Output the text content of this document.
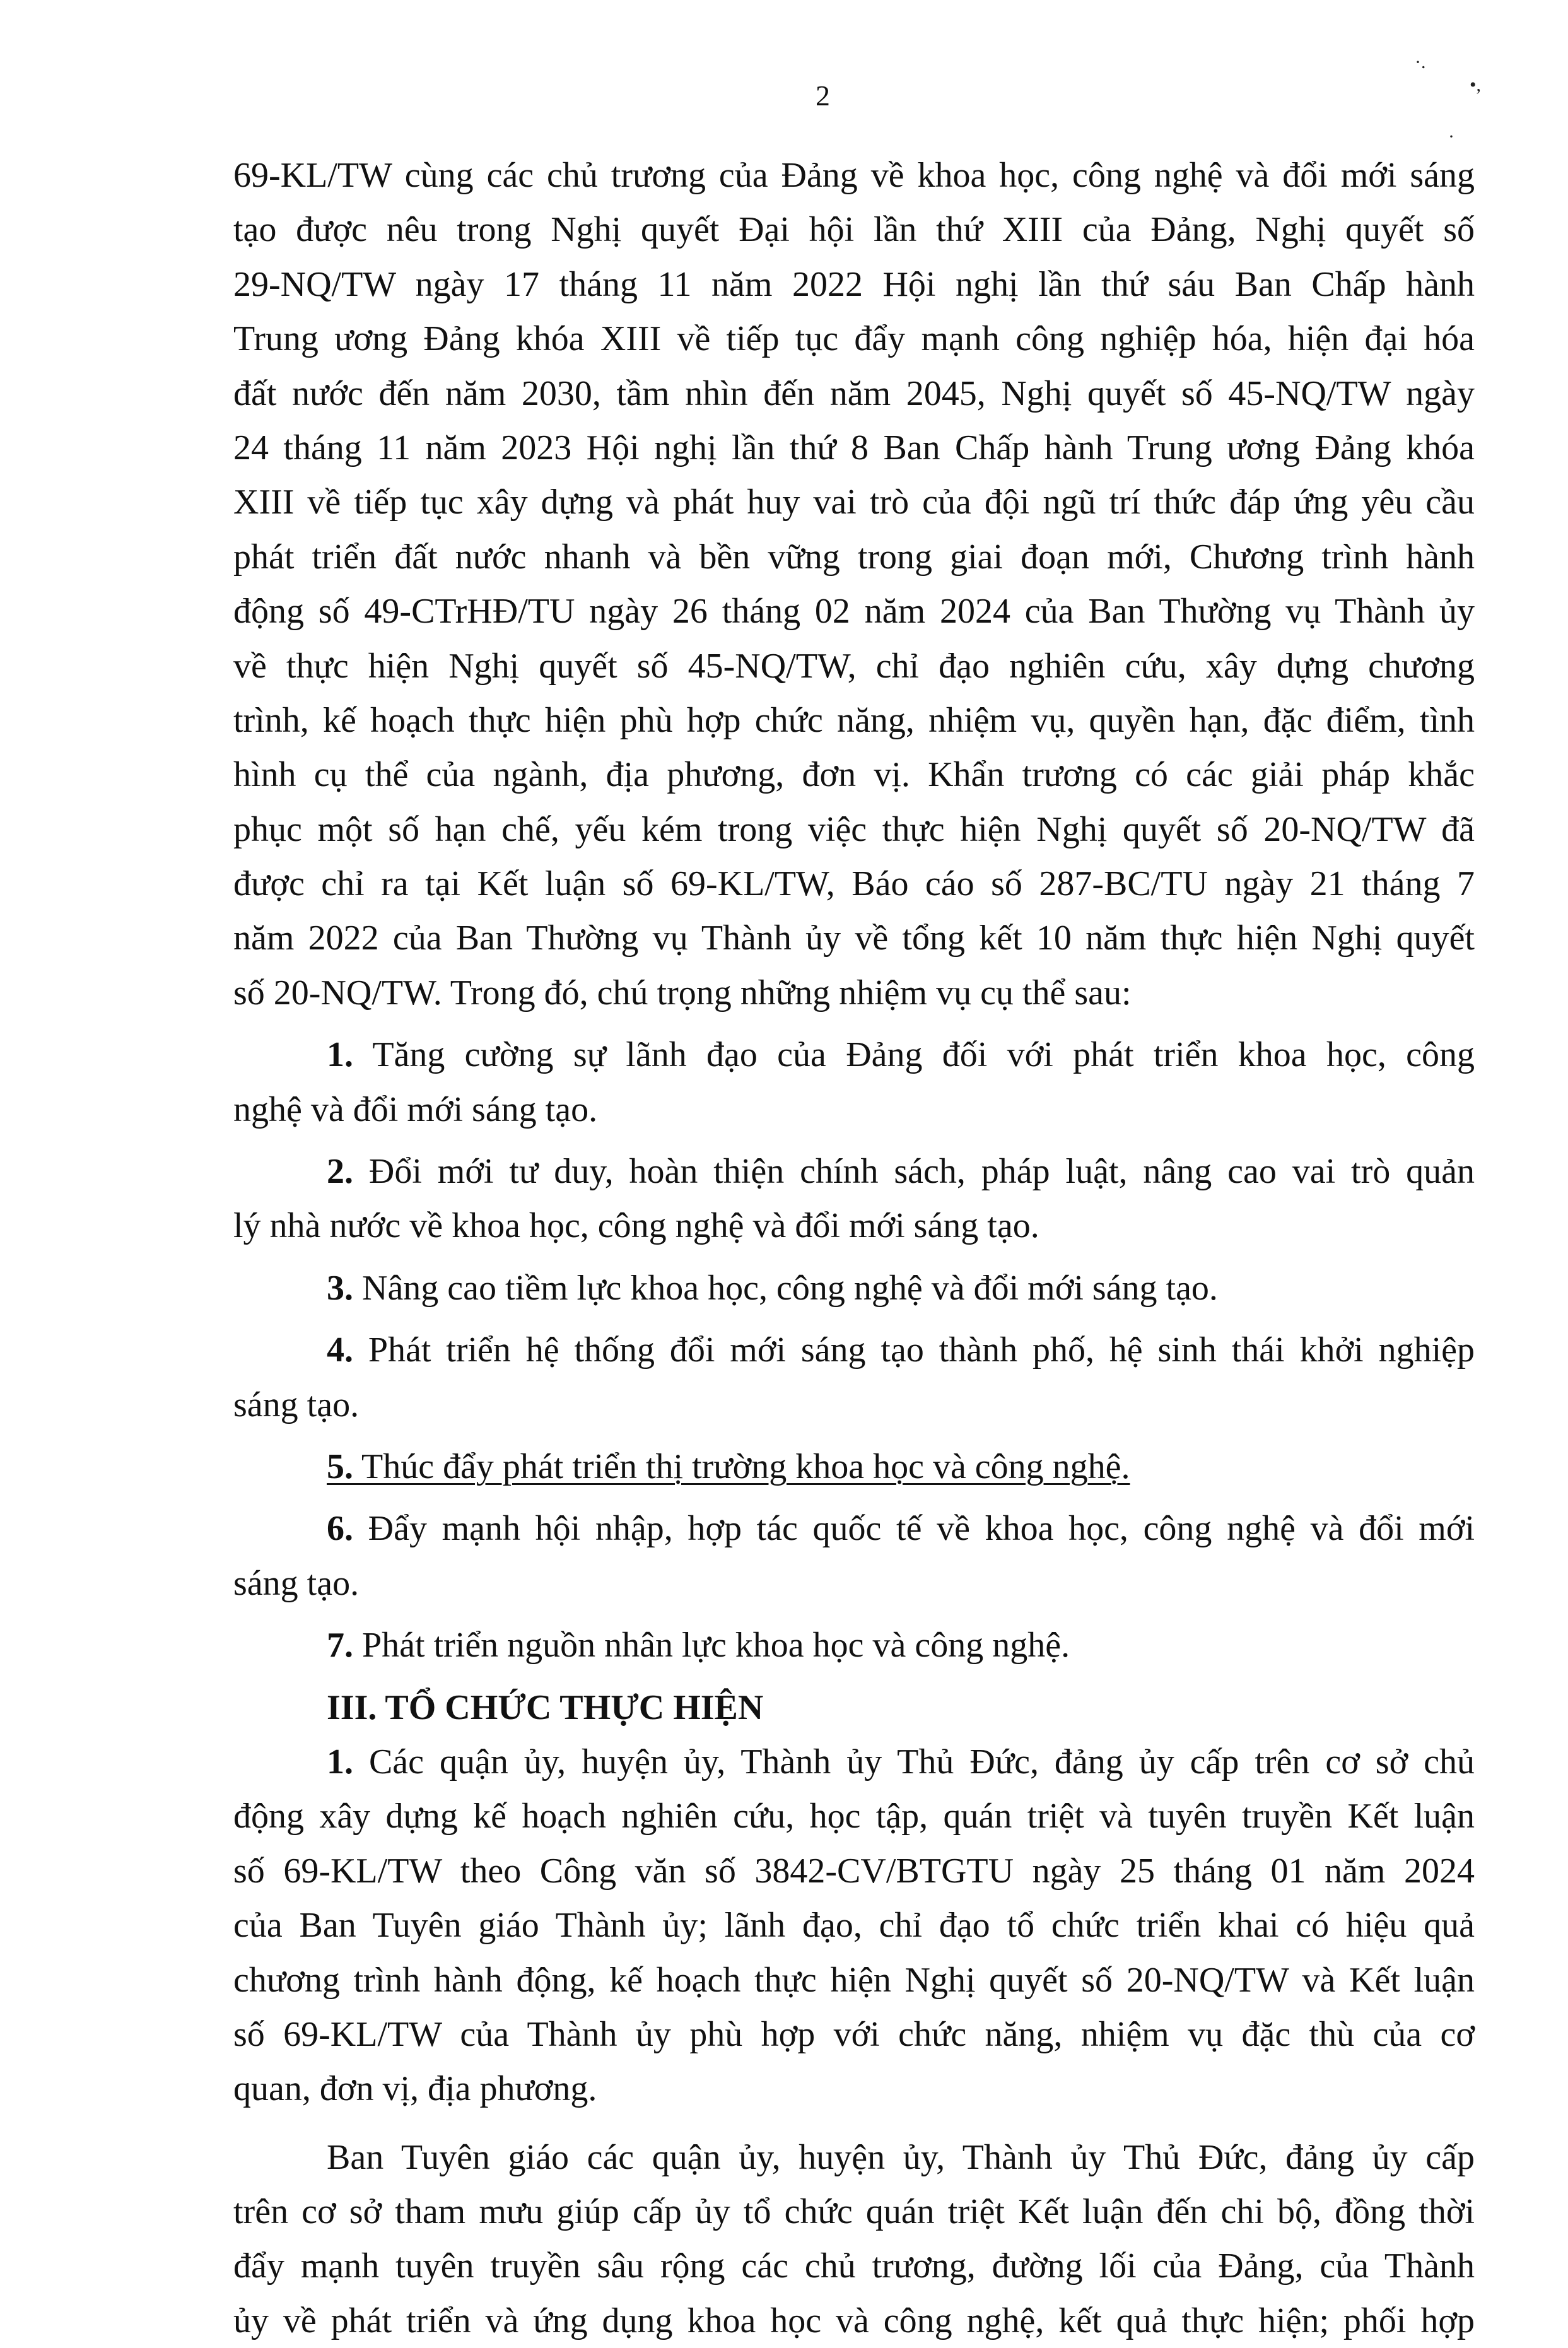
2
·.
•,
·
69-KL/TW cùng các chủ trương của Đảng về khoa học, công nghệ và đổi mới sáng
tạo được nêu trong Nghị quyết Đại hội lần thứ XIII của Đảng, Nghị quyết số
29-NQ/TW ngày 17 tháng 11 năm 2022 Hội nghị lần thứ sáu Ban Chấp hành
Trung ương Đảng khóa XIII về tiếp tục đẩy mạnh công nghiệp hóa, hiện đại hóa
đất nước đến năm 2030, tầm nhìn đến năm 2045, Nghị quyết số 45-NQ/TW ngày
24 tháng 11 năm 2023 Hội nghị lần thứ 8 Ban Chấp hành Trung ương Đảng khóa
XIII về tiếp tục xây dựng và phát huy vai trò của đội ngũ trí thức đáp ứng yêu cầu
phát triển đất nước nhanh và bền vững trong giai đoạn mới, Chương trình hành
động số 49-CTrHĐ/TU ngày 26 tháng 02 năm 2024 của Ban Thường vụ Thành ủy
về thực hiện Nghị quyết số 45-NQ/TW, chỉ đạo nghiên cứu, xây dựng chương
trình, kế hoạch thực hiện phù hợp chức năng, nhiệm vụ, quyền hạn, đặc điểm, tình
hình cụ thể của ngành, địa phương, đơn vị. Khẩn trương có các giải pháp khắc
phục một số hạn chế, yếu kém trong việc thực hiện Nghị quyết số 20-NQ/TW đã
được chỉ ra tại Kết luận số 69-KL/TW, Báo cáo số 287-BC/TU ngày 21 tháng 7
năm 2022 của Ban Thường vụ Thành ủy về tổng kết 10 năm thực hiện Nghị quyết
số 20-NQ/TW. Trong đó, chú trọng những nhiệm vụ cụ thể sau:
1. Tăng cường sự lãnh đạo của Đảng đối với phát triển khoa học, công
nghệ và đổi mới sáng tạo.
2. Đổi mới tư duy, hoàn thiện chính sách, pháp luật, nâng cao vai trò quản
lý nhà nước về khoa học, công nghệ và đổi mới sáng tạo.
3. Nâng cao tiềm lực khoa học, công nghệ và đổi mới sáng tạo.
4. Phát triển hệ thống đổi mới sáng tạo thành phố, hệ sinh thái khởi nghiệp
sáng tạo.
5. Thúc đẩy phát triển thị trường khoa học và công nghệ.
6. Đẩy mạnh hội nhập, hợp tác quốc tế về khoa học, công nghệ và đổi mới
sáng tạo.
7. Phát triển nguồn nhân lực khoa học và công nghệ.
III. TỔ CHỨC THỰC HIỆN
1. Các quận ủy, huyện ủy, Thành ủy Thủ Đức, đảng ủy cấp trên cơ sở chủ
động xây dựng kế hoạch nghiên cứu, học tập, quán triệt và tuyên truyền Kết luận
số 69-KL/TW theo Công văn số 3842-CV/BTGTU ngày 25 tháng 01 năm 2024
của Ban Tuyên giáo Thành ủy; lãnh đạo, chỉ đạo tổ chức triển khai có hiệu quả
chương trình hành động, kế hoạch thực hiện Nghị quyết số 20-NQ/TW và Kết luận
số 69-KL/TW của Thành ủy phù hợp với chức năng, nhiệm vụ đặc thù của cơ
quan, đơn vị, địa phương.
Ban Tuyên giáo các quận ủy, huyện ủy, Thành ủy Thủ Đức, đảng ủy cấp
trên cơ sở tham mưu giúp cấp ủy tổ chức quán triệt Kết luận đến chi bộ, đồng thời
đẩy mạnh tuyên truyền sâu rộng các chủ trương, đường lối của Đảng, của Thành
ủy về phát triển và ứng dụng khoa học và công nghệ, kết quả thực hiện; phối hợp
